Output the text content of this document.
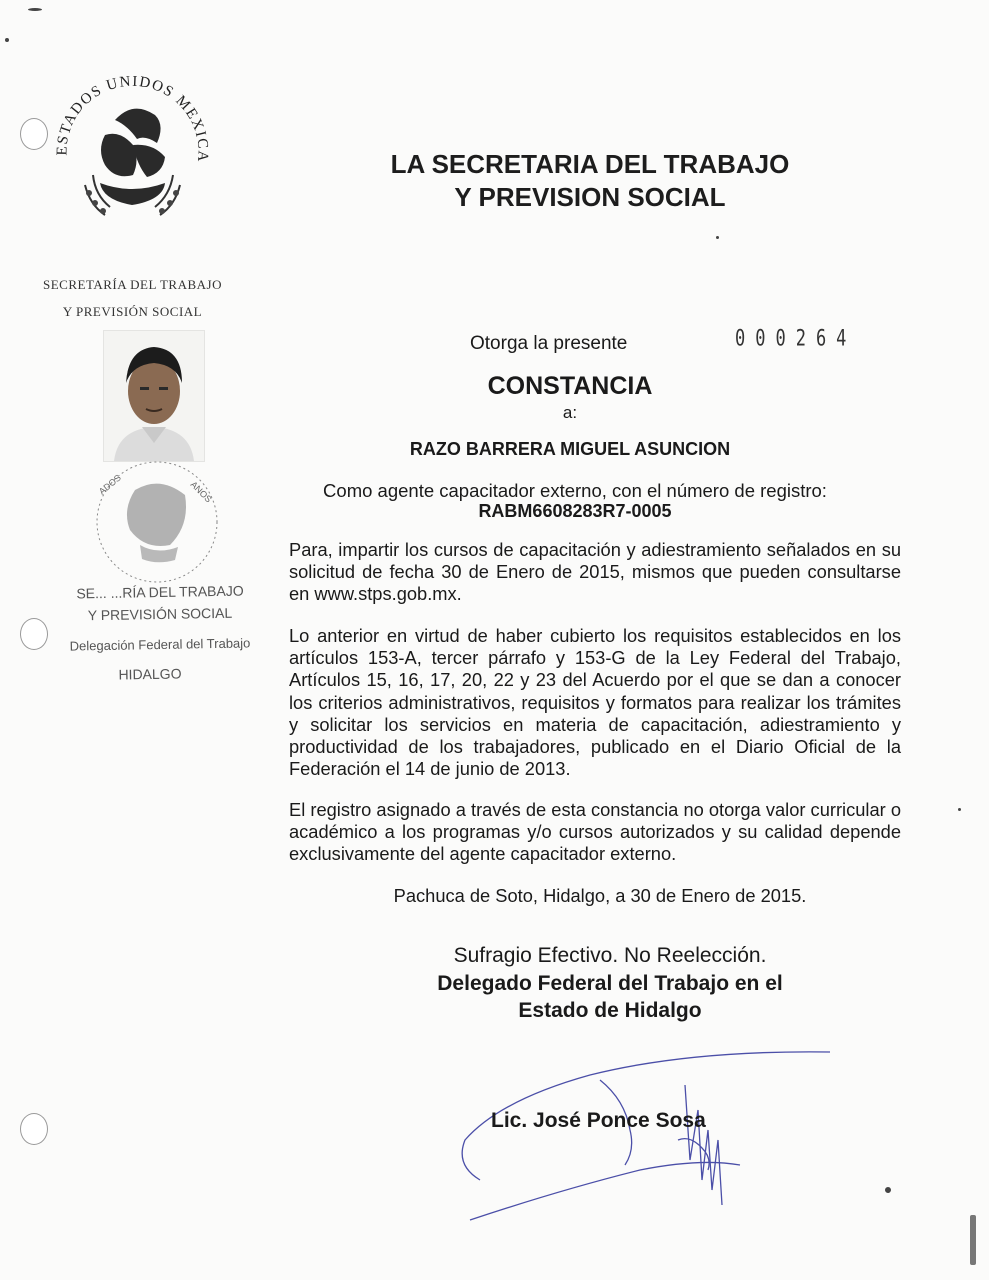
ESTADOS UNIDOS MEXICA
SECRETARÍA DEL TRABAJO
Y PREVISIÓN SOCIAL
ADOS	ANOS
SE... ...RÍA DEL TRABAJO
Y PREVISIÓN SOCIAL
Delegación Federal del Trabajo
HIDALGO
LA SECRETARIA DEL TRABAJO
Y PREVISION SOCIAL
Otorga la presente	000264
CONSTANCIA
a:
RAZO BARRERA MIGUEL ASUNCION
Como agente capacitador externo, con el número de registro:
RABM6608283R7-0005

Para, impartir los cursos de capacitación y adiestramiento señalados en su solicitud de fecha 30 de Enero de 2015, mismos que pueden consultarse en www.stps.gob.mx.

Lo anterior en virtud de haber cubierto los requisitos establecidos en los artículos 153-A, tercer párrafo y 153-G de la Ley Federal del Trabajo, Artículos 15, 16, 17, 20, 22 y 23 del Acuerdo por el que se dan a conocer los criterios administrativos, requisitos y formatos para realizar los trámites y solicitar los servicios en materia de capacitación, adiestramiento y productividad de los trabajadores, publicado en el Diario Oficial de la Federación el 14 de junio de 2013.

El registro asignado a través de esta constancia no otorga valor curricular o académico a los programas y/o cursos autorizados y su calidad depende exclusivamente del agente capacitador externo.

Pachuca de Soto, Hidalgo, a 30 de Enero de 2015.
Sufragio Efectivo. No Reelección.
Delegado Federal del Trabajo en el
Estado de Hidalgo
Lic. José Ponce Sosa
